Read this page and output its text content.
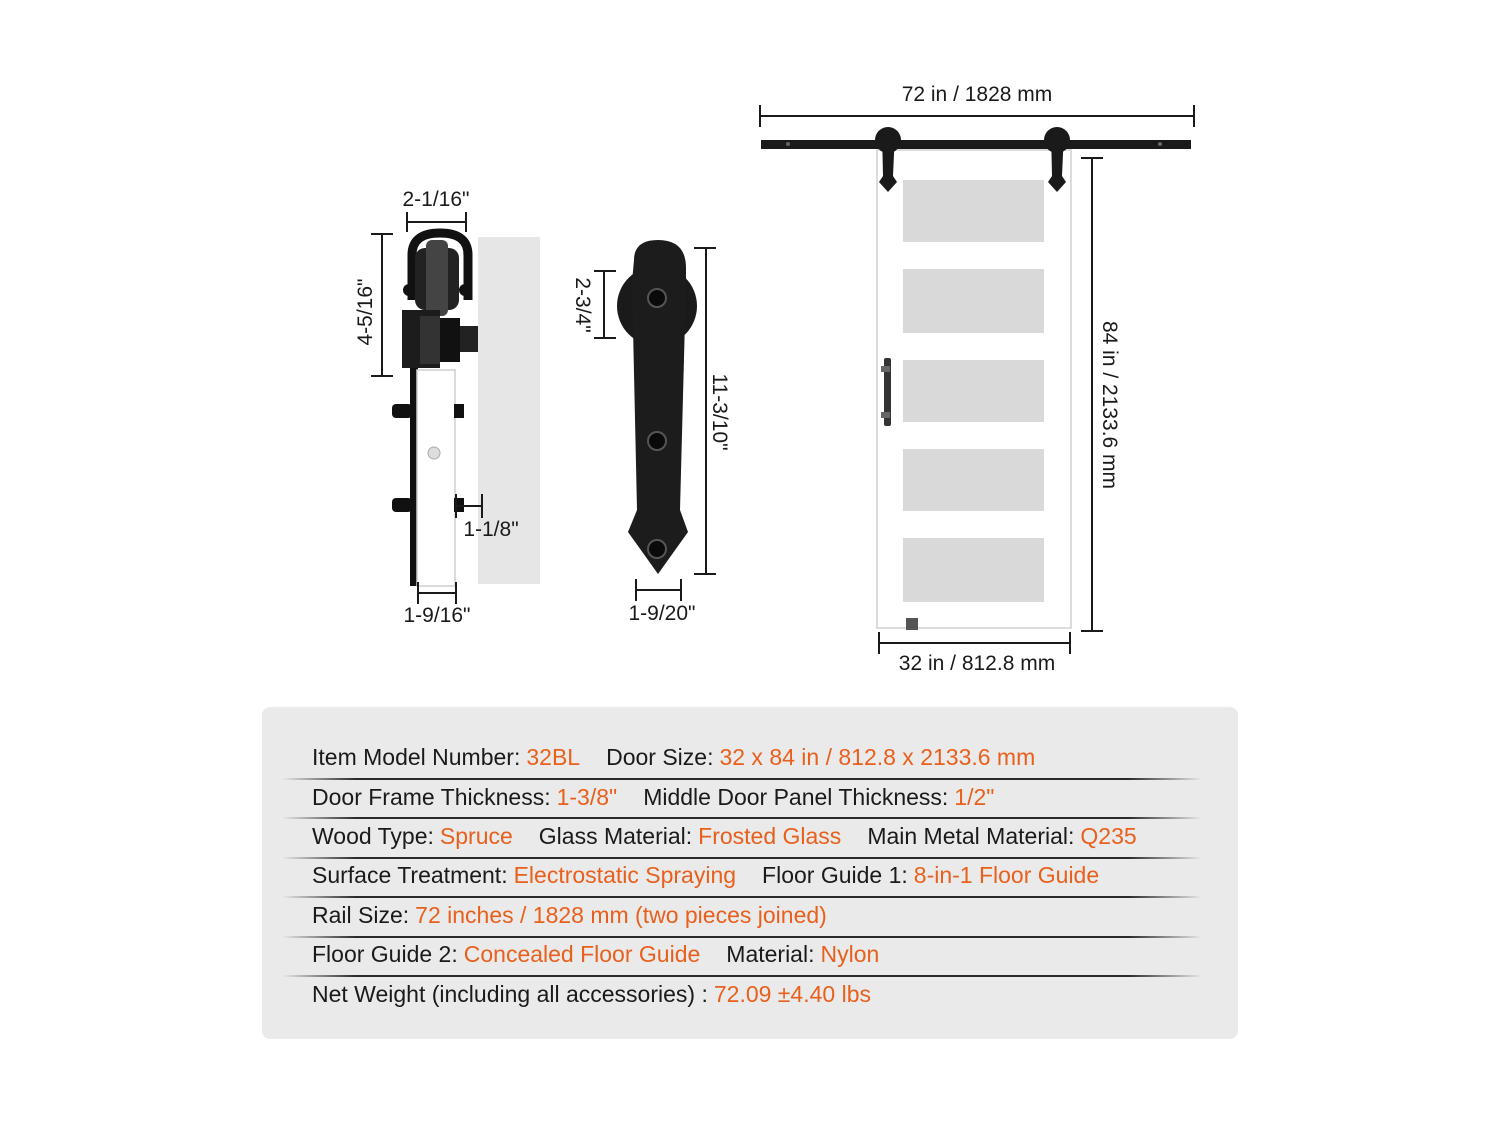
2-1/16"
4-5/16"
1-1/8"
1-9/16"
2-3/4"
11-3/10"
1-9/20"
72 in / 1828 mm
84 in / 2133.6 mm
32 in / 812.8 mm
Item Model Number: 32BL Door Size: 32 x 84 in / 812.8 x 2133.6 mm
Door Frame Thickness: 1-3/8" Middle Door Panel Thickness: 1/2"
Wood Type: Spruce Glass Material: Frosted Glass Main Metal Material: Q235
Surface Treatment: Electrostatic Spraying Floor Guide 1: 8-in-1 Floor Guide
Rail Size: 72 inches / 1828 mm (two pieces joined)
Floor Guide 2: Concealed Floor Guide Material: Nylon
Net Weight (including all accessories) : 72.09 ±4.40 lbs
